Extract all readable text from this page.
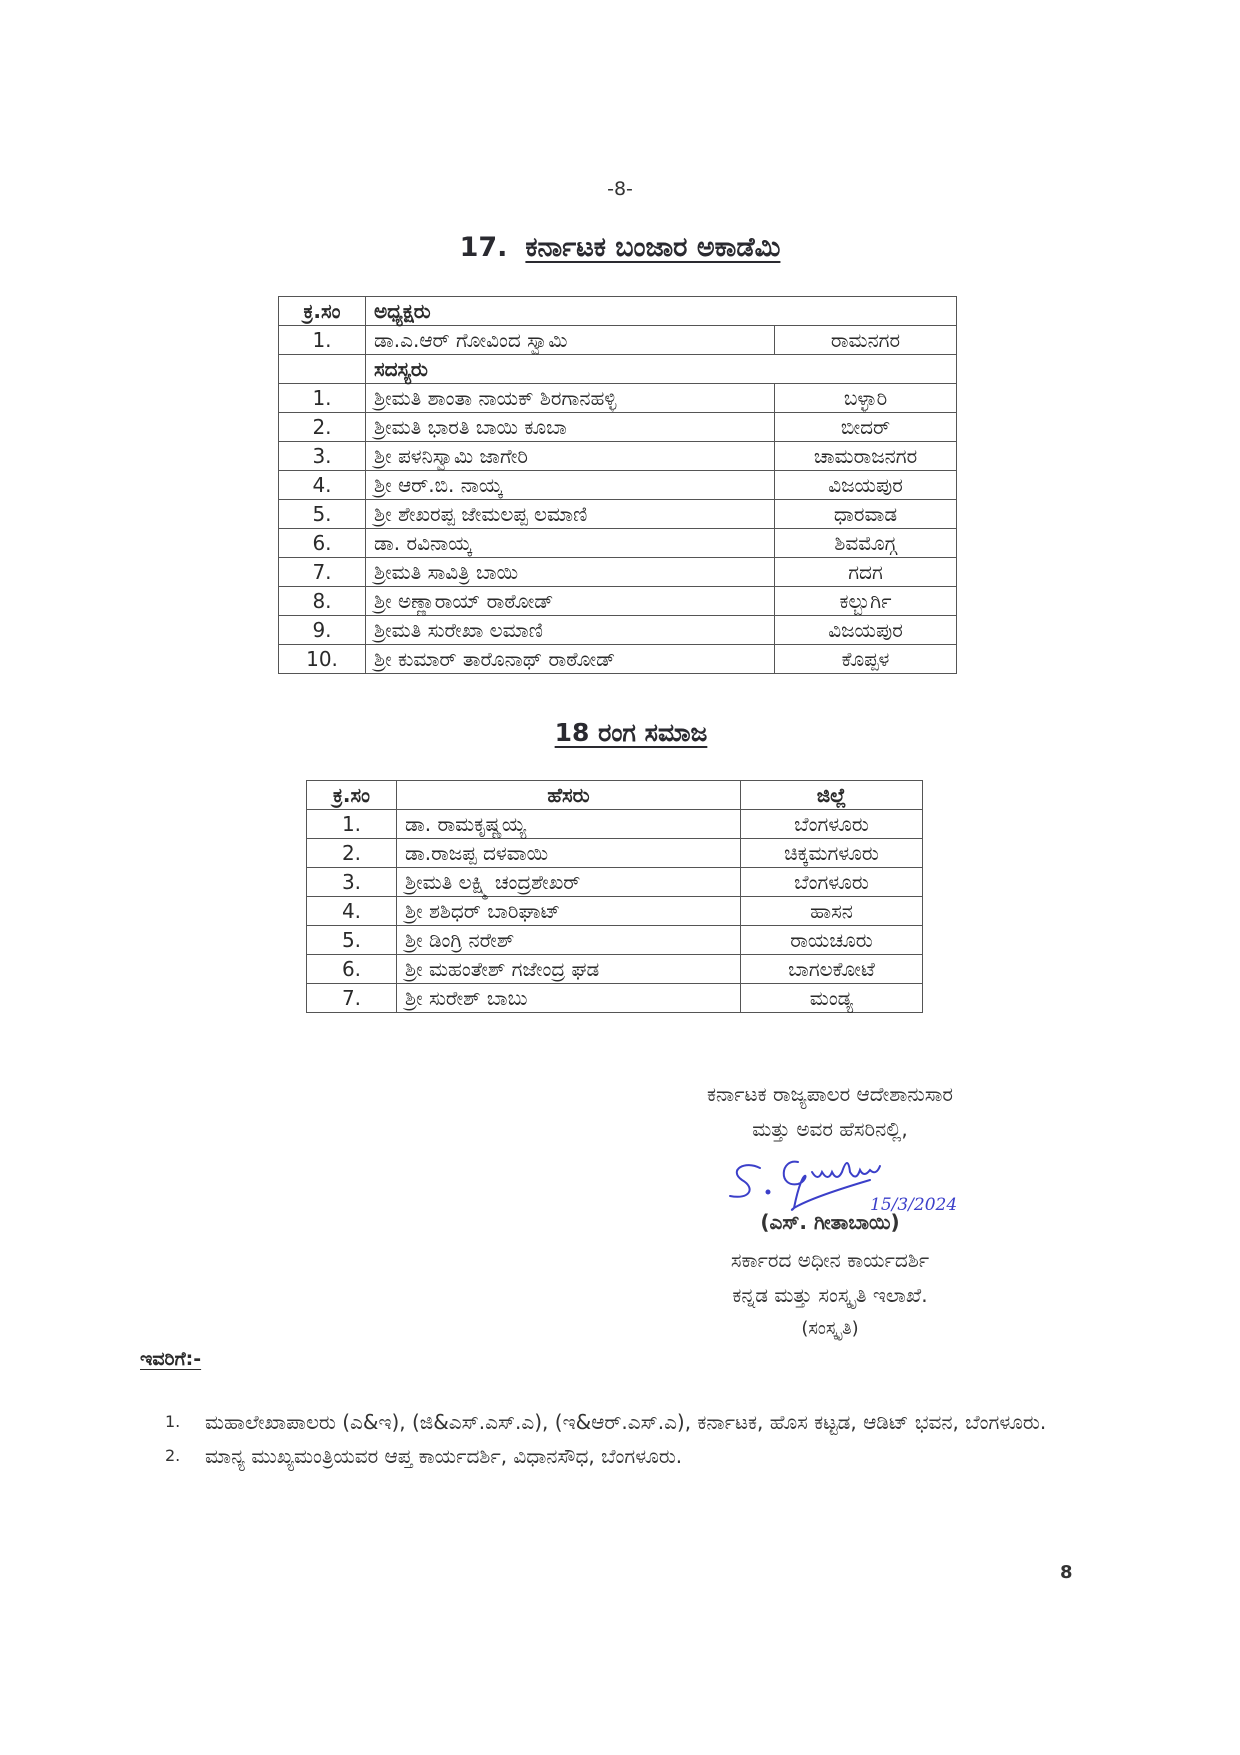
-8-
17. ಕರ್ನಾಟಕ ಬಂಜಾರ ಅಕಾಡೆಮಿ
ಕ್ರ.ಸಂ	ಅಧ್ಯಕ್ಷರು	
1.	ಡಾ.ಎ.ಆರ್ ಗೋವಿಂದ ಸ್ವಾಮಿ	ರಾಮನಗರ
	ಸದಸ್ಯರು	
1.	ಶ್ರೀಮತಿ ಶಾಂತಾ ನಾಯಕ್ ಶಿರಗಾನಹಳ್ಳಿ	ಬಳ್ಳಾರಿ
2.	ಶ್ರೀಮತಿ ಭಾರತಿ ಬಾಯಿ ಕೂಬಾ	ಬೀದರ್
3.	ಶ್ರೀ ಪಳನಿಸ್ವಾಮಿ ಜಾಗೇರಿ	ಚಾಮರಾಜನಗರ
4.	ಶ್ರೀ ಆರ್.ಬಿ. ನಾಯ್ಕ	ವಿಜಯಪುರ
5.	ಶ್ರೀ ಶೇಖರಪ್ಪ ಜೇಮಲಪ್ಪ ಲಮಾಣಿ	ಧಾರವಾಡ
6.	ಡಾ. ರವಿನಾಯ್ಕ	ಶಿವಮೊಗ್ಗ
7.	ಶ್ರೀಮತಿ ಸಾವಿತ್ರಿ ಬಾಯಿ	ಗದಗ
8.	ಶ್ರೀ ಅಣ್ಣಾರಾಯ್ ರಾಠೋಡ್	ಕಲ್ಬುರ್ಗಿ
9.	ಶ್ರೀಮತಿ ಸುರೇಖಾ ಲಮಾಣಿ	ವಿಜಯಪುರ
10.	ಶ್ರೀ ಕುಮಾರ್ ತಾರೊನಾಥ್ ರಾಠೋಡ್	ಕೊಪ್ಪಳ
18 ರಂಗ ಸಮಾಜ
ಕ್ರ.ಸಂ	ಹೆಸರು	ಜಿಲ್ಲೆ
1.	ಡಾ. ರಾಮಕೃಷ್ಣಯ್ಯ	ಬೆಂಗಳೂರು
2.	ಡಾ.ರಾಜಪ್ಪ ದಳವಾಯಿ	ಚಿಕ್ಕಮಗಳೂರು
3.	ಶ್ರೀಮತಿ ಲಕ್ಷ್ಮಿ ಚಂದ್ರಶೇಖರ್	ಬೆಂಗಳೂರು
4.	ಶ್ರೀ ಶಶಿಧರ್ ಬಾರಿಘಾಟ್	ಹಾಸನ
5.	ಶ್ರೀ ಡಿಂಗ್ರಿ ನರೇಶ್	ರಾಯಚೂರು
6.	ಶ್ರೀ ಮಹಂತೇಶ್ ಗಜೇಂದ್ರ ಘಡ	ಬಾಗಲಕೋಟೆ
7.	ಶ್ರೀ ಸುರೇಶ್ ಬಾಬು	ಮಂಡ್ಯ
ಕರ್ನಾಟಕ ರಾಜ್ಯಪಾಲರ ಆದೇಶಾನುಸಾರ
ಮತ್ತು ಅವರ ಹೆಸರಿನಲ್ಲಿ,
15/3/2024
(ಎಸ್. ಗೀತಾಬಾಯಿ)
ಸರ್ಕಾರದ ಅಧೀನ ಕಾರ್ಯದರ್ಶಿ
ಕನ್ನಡ ಮತ್ತು ಸಂಸ್ಕೃತಿ ಇಲಾಖೆ.
(ಸಂಸ್ಕೃತಿ)
ಇವರಿಗೆ:-
1.	ಮಹಾಲೇಖಾಪಾಲರು (ಎ&ಇ), (ಜಿ&ಎಸ್.ಎಸ್.ಎ), (ಇ&ಆರ್.ಎಸ್.ಎ), ಕರ್ನಾಟಕ, ಹೊಸ ಕಟ್ಟಡ, ಆಡಿಟ್ ಭವನ, ಬೆಂಗಳೂರು.
2.	ಮಾನ್ಯ ಮುಖ್ಯಮಂತ್ರಿಯವರ ಆಪ್ತ ಕಾರ್ಯದರ್ಶಿ, ವಿಧಾನಸೌಧ, ಬೆಂಗಳೂರು.
8
